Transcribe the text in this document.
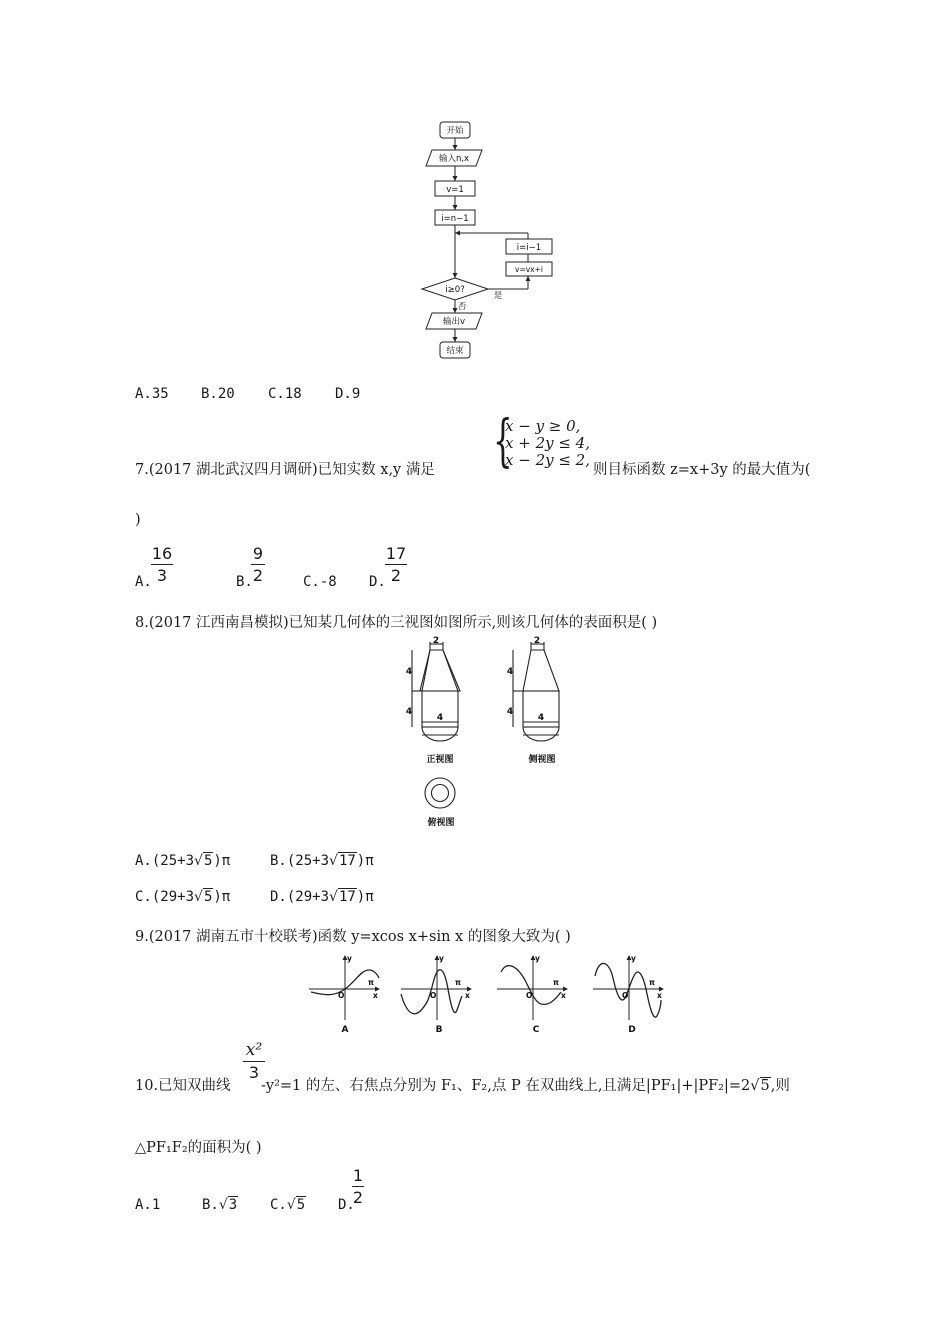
开始
输入n,x
v=1
i=n−1
i=i−1
v=vx+i
i≥0?
是
否
输出v
结束
A.35 B.20 C.18 D.9
7.(2017 湖北武汉四月调研)已知实数 x,y 满足 {
x − y ≥ 0,
x + 2y ≤ 4,
x − 2y ≤ 2,
则目标函数 z=x+3y 的最大值为(
)
A.
16
3	B.
9
2	C.-8 D.
17
2
8.(2017 江西南昌模拟)已知某几何体的三视图如图所示,则该几何体的表面积是( )
2
4
4
4
2
4
4
4
正视图	侧视图
俯视图
A.(25+3√5)π	B.(25+3√17)π
C.(29+3√5)π	D.(29+3√17)π
9.(2017 湖南五市十校联考)函数 y=xcos x+sin x 的图象大致为( )
y
x
O
π
y
x
O
π
y
x
O
π
y
x
O
π
A	B	C	D
10.已知双曲线
x²
3
-y²=1 的左、右焦点分别为 F₁、F₂,点 P 在双曲线上,且满足|PF₁|+|PF₂|=2√5,则
△PF₁F₂的面积为( )
A.1	B.√3 C.√5 D.
1
2
